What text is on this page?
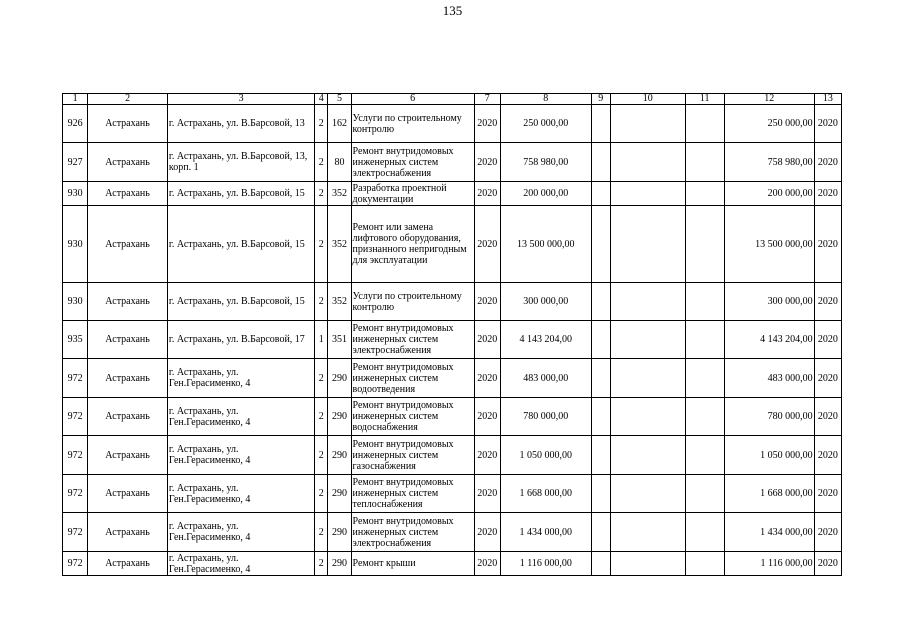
135
1	2	3	4	5	6	7	8	9	10	11	12	13
926	Астрахань	г. Астрахань, ул. В.Барсовой, 13	2	162	Услуги по строительному контролю	2020	250 000,00				250 000,00	2020
927	Астрахань	г. Астрахань, ул. В.Барсовой, 13, корп. 1	2	80	Ремонт внутридомовых инженерных систем электроснабжения	2020	758 980,00				758 980,00	2020
930	Астрахань	г. Астрахань, ул. В.Барсовой, 15	2	352	Разработка проектной документации	2020	200 000,00				200 000,00	2020
930	Астрахань	г. Астрахань, ул. В.Барсовой, 15	2	352	Ремонт или замена лифтового оборудования, признанного непригодным для эксплуатации	2020	13 500 000,00				13 500 000,00	2020
930	Астрахань	г. Астрахань, ул. В.Барсовой, 15	2	352	Услуги по строительному контролю	2020	300 000,00				300 000,00	2020
935	Астрахань	г. Астрахань, ул. В.Барсовой, 17	1	351	Ремонт внутридомовых инженерных систем электроснабжения	2020	4 143 204,00				4 143 204,00	2020
972	Астрахань	г. Астрахань, ул. Ген.Герасименко, 4	2	290	Ремонт внутридомовых инженерных систем водоотведения	2020	483 000,00				483 000,00	2020
972	Астрахань	г. Астрахань, ул. Ген.Герасименко, 4	2	290	Ремонт внутридомовых инженерных систем водоснабжения	2020	780 000,00				780 000,00	2020
972	Астрахань	г. Астрахань, ул. Ген.Герасименко, 4	2	290	Ремонт внутридомовых инженерных систем газоснабжения	2020	1 050 000,00				1 050 000,00	2020
972	Астрахань	г. Астрахань, ул. Ген.Герасименко, 4	2	290	Ремонт внутридомовых инженерных систем теплоснабжения	2020	1 668 000,00				1 668 000,00	2020
972	Астрахань	г. Астрахань, ул. Ген.Герасименко, 4	2	290	Ремонт внутридомовых инженерных систем электроснабжения	2020	1 434 000,00				1 434 000,00	2020
972	Астрахань	г. Астрахань, ул. Ген.Герасименко, 4	2	290	Ремонт крыши	2020	1 116 000,00				1 116 000,00	2020
